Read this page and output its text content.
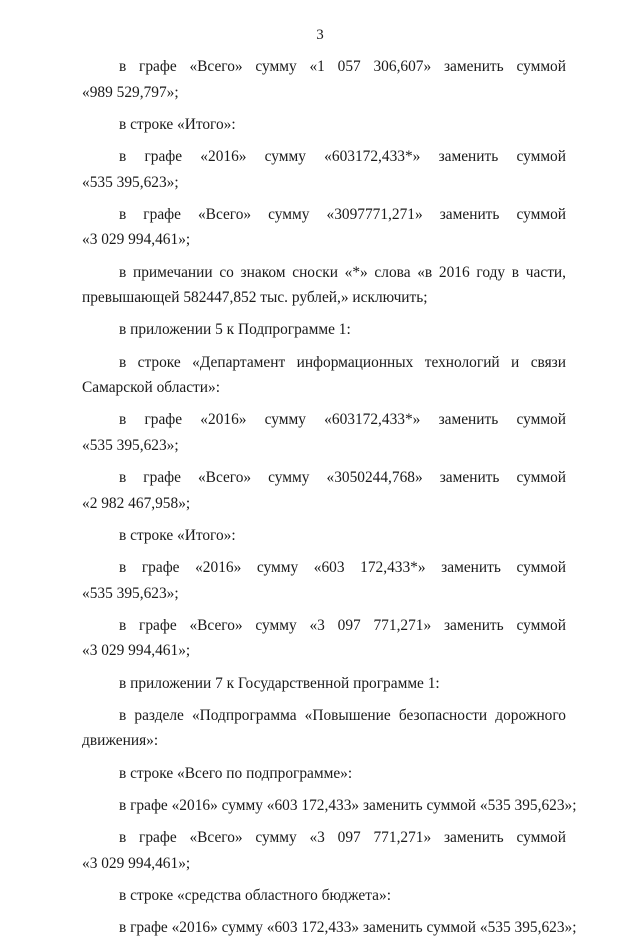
3
в графе «Всего» сумму «1 057 306,607» заменить суммой
«989 529,797»;
в строке «Итого»:
в графе «2016» сумму «603172,433*» заменить суммой
«535 395,623»;
в графе «Всего» сумму «3097771,271» заменить суммой
«3 029 994,461»;
в примечании со знаком сноски «*» слова «в 2016 году в части,
превышающей 582447,852 тыс. рублей,» исключить;
в приложении 5 к Подпрограмме 1:
в строке «Департамент информационных технологий и связи
Самарской области»:
в графе «2016» сумму «603172,433*» заменить суммой
«535 395,623»;
в графе «Всего» сумму «3050244,768» заменить суммой
«2 982 467,958»;
в строке «Итого»:
в графе «2016» сумму «603 172,433*» заменить суммой
«535 395,623»;
в графе «Всего» сумму «3 097 771,271» заменить суммой
«3 029 994,461»;
в приложении 7 к Государственной программе 1:
в разделе «Подпрограмма «Повышение безопасности дорожного
движения»:
в строке «Всего по подпрограмме»:
в графе «2016» сумму «603 172,433» заменить суммой «535 395,623»;
в графе «Всего» сумму «3 097 771,271» заменить суммой
«3 029 994,461»;
в строке «средства областного бюджета»:
в графе «2016» сумму «603 172,433» заменить суммой «535 395,623»;
